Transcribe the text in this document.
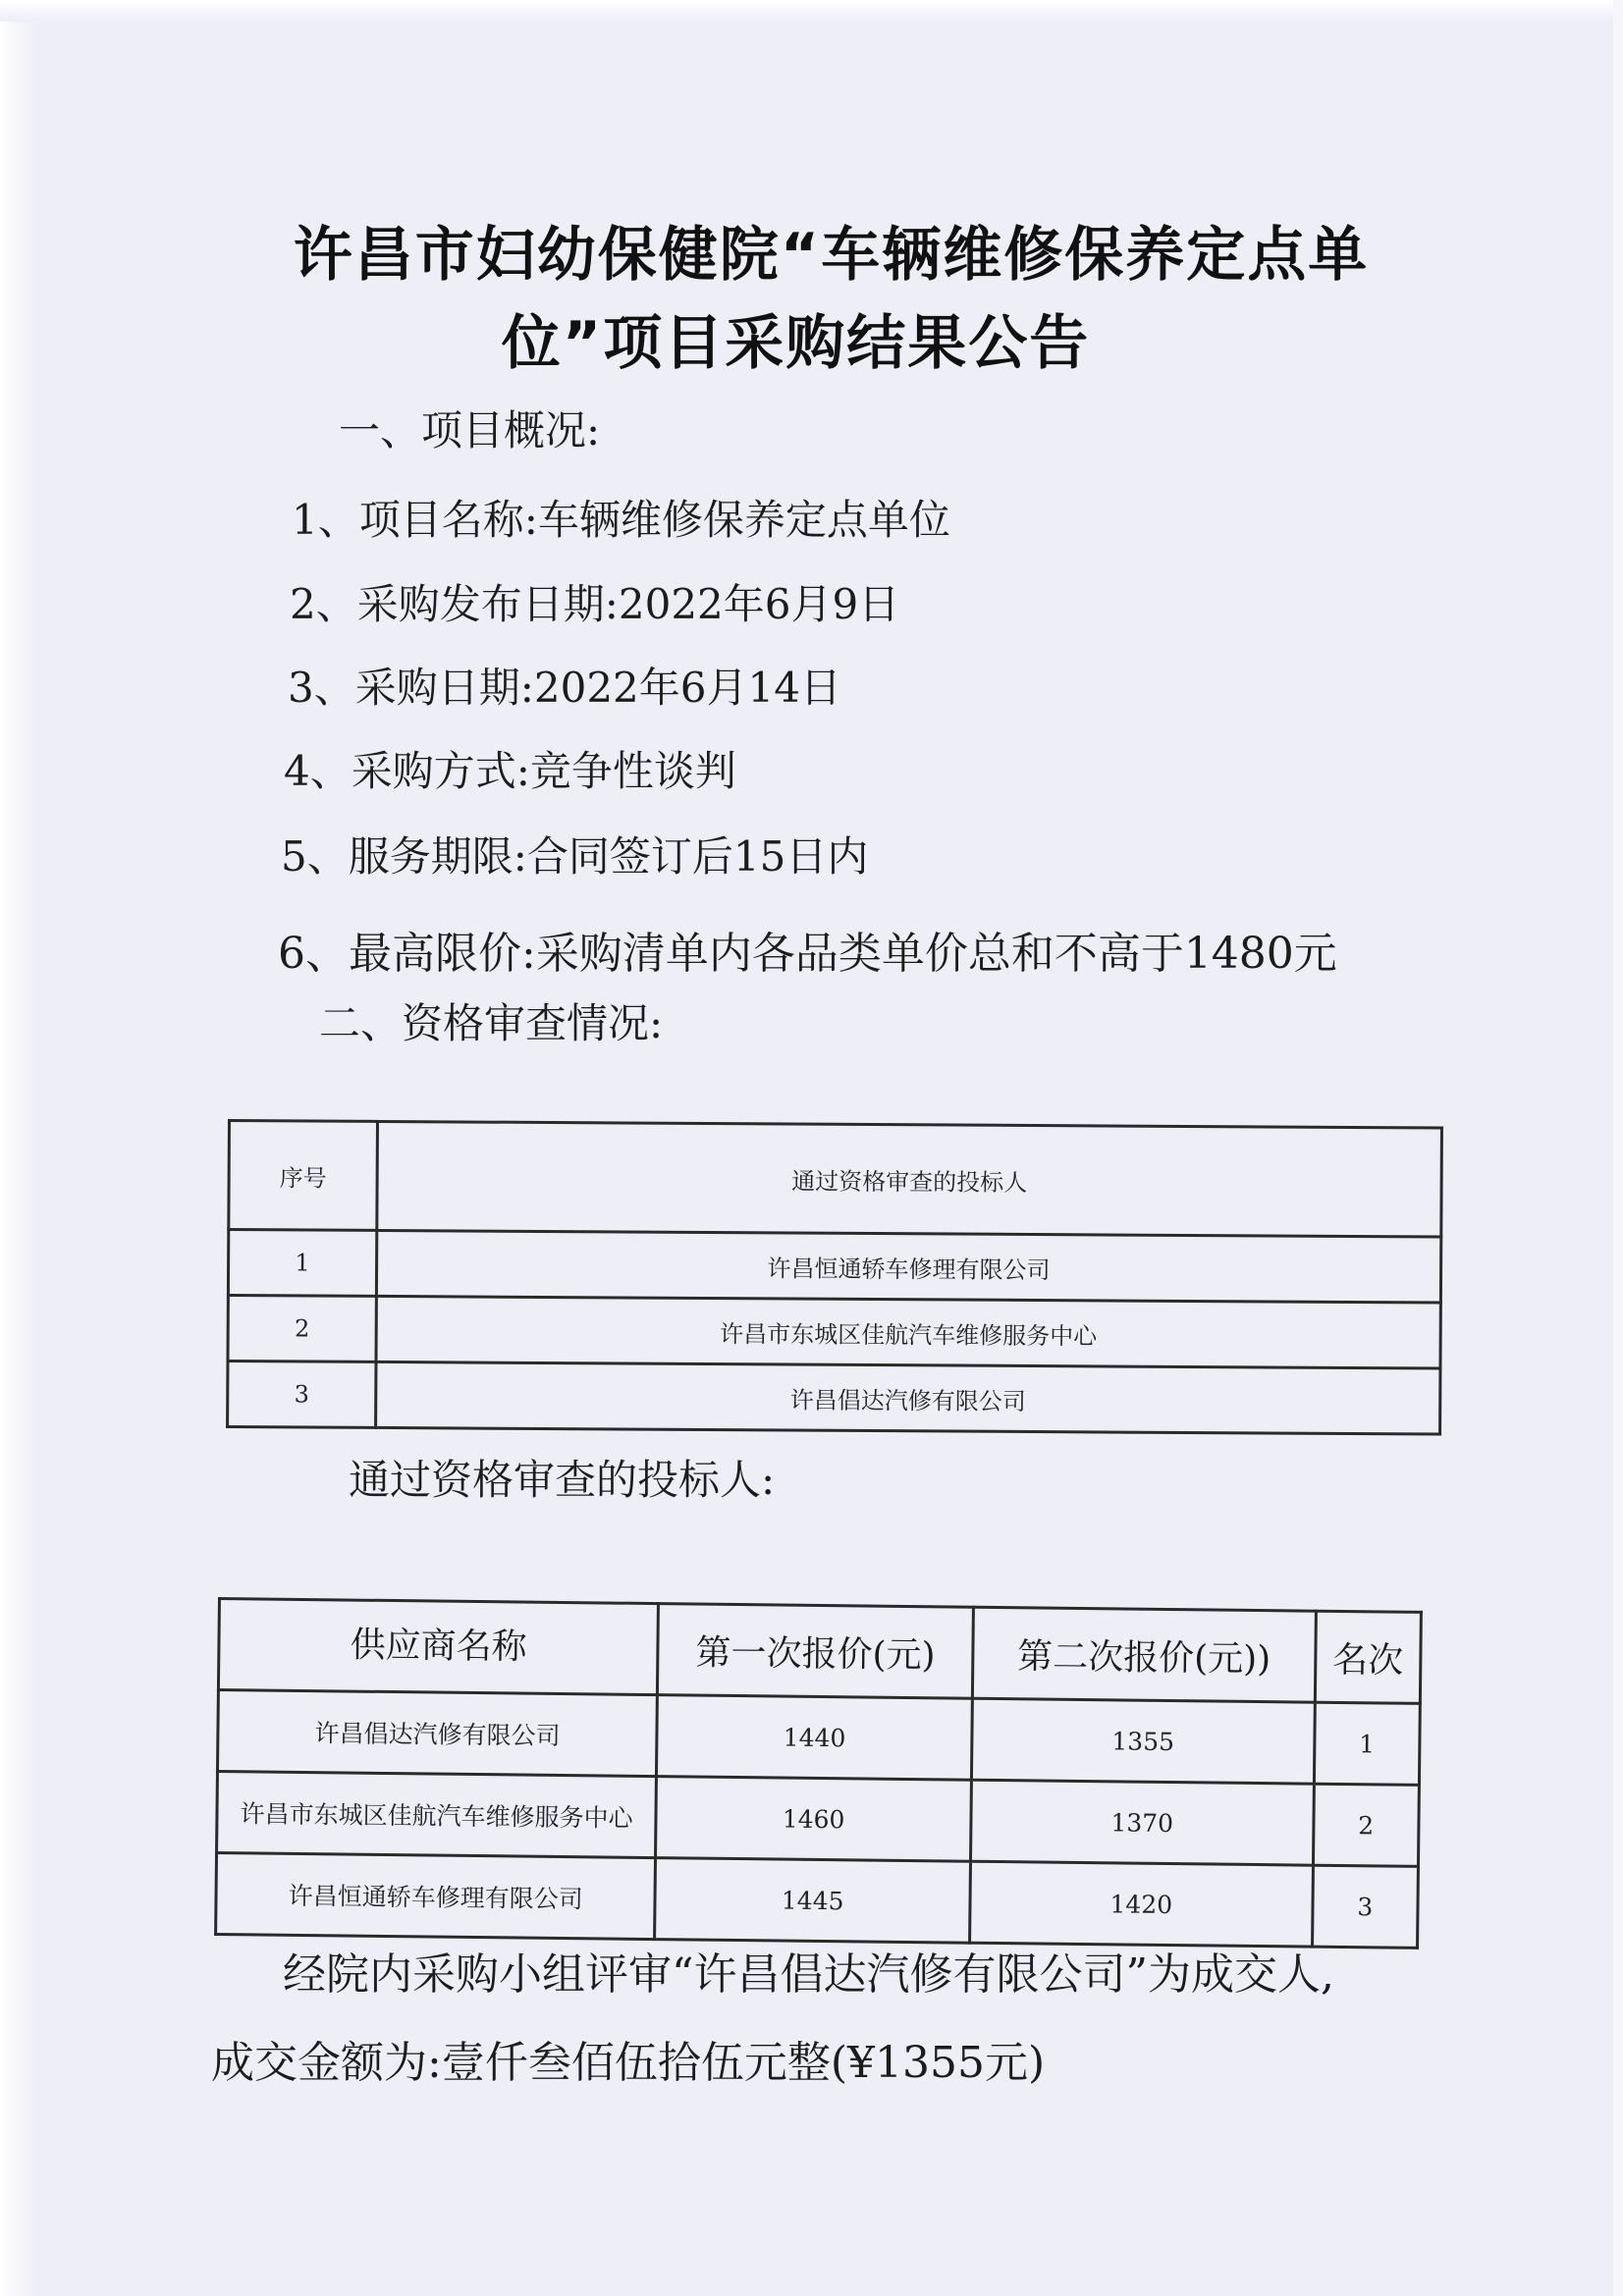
许昌市妇幼保健院“车辆维修保养定点单
位”项目采购结果公告
一、项目概况:
1、项目名称:车辆维修保养定点单位
2、采购发布日期:2022年6月9日
3、采购日期:2022年6月14日
4、采购方式:竞争性谈判
5、服务期限:合同签订后15日内
6、最高限价:采购清单内各品类单价总和不高于1480元
二、资格审查情况:
序号	通过资格审查的投标人
1	许昌恒通轿车修理有限公司
2	许昌市东城区佳航汽车维修服务中心
3	许昌倡达汽修有限公司
通过资格审查的投标人:
供应商名称	第一次报价(元)	第二次报价(元))	名次
许昌倡达汽修有限公司	1440	1355	1
许昌市东城区佳航汽车维修服务中心	1460	1370	2
许昌恒通轿车修理有限公司	1445	1420	3
经院内采购小组评审“许昌倡达汽修有限公司”为成交人,
成交金额为:壹仟叁佰伍拾伍元整(¥1355元)
